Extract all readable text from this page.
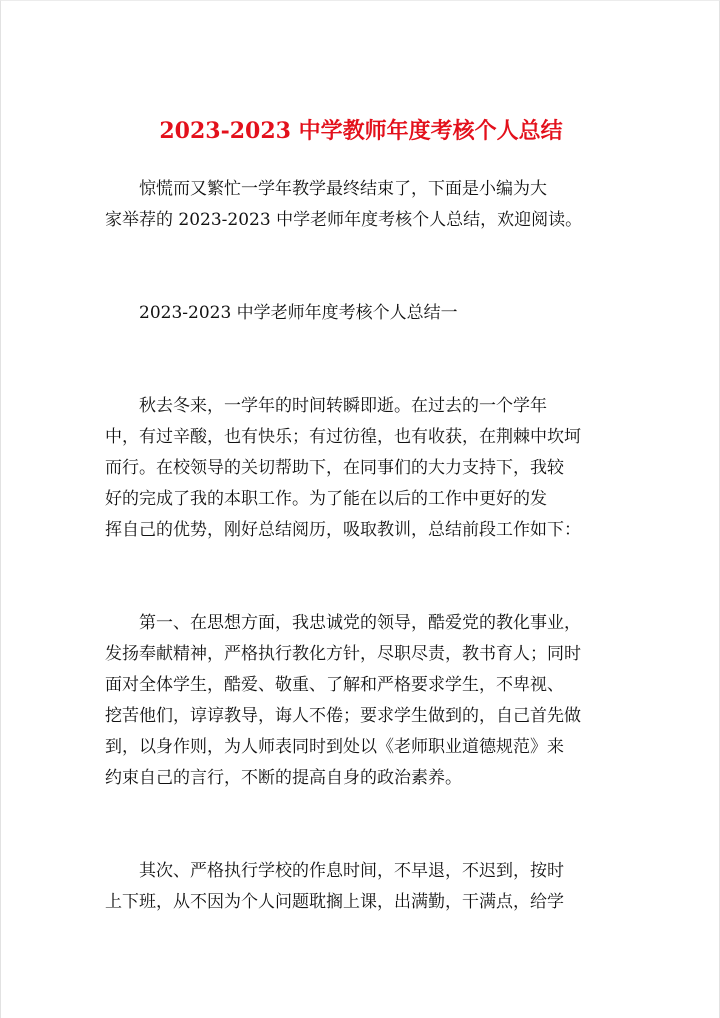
2023-2023 中学教师年度考核个人总结

惊慌而又繁忙一学年教学最终结束了，下面是小编为大
家举荐的 2023-2023 中学老师年度考核个人总结，欢迎阅读。

2023-2023 中学老师年度考核个人总结一

秋去冬来，一学年的时间转瞬即逝。在过去的一个学年
中，有过辛酸，也有快乐；有过彷徨，也有收获，在荆棘中坎坷
而行。在校领导的关切帮助下，在同事们的大力支持下，我较
好的完成了我的本职工作。为了能在以后的工作中更好的发
挥自己的优势，刚好总结阅历，吸取教训，总结前段工作如下：

第一、在思想方面，我忠诚党的领导，酷爱党的教化事业，
发扬奉献精神，严格执行教化方针，尽职尽责，教书育人；同时
面对全体学生，酷爱、敬重、了解和严格要求学生，不卑视、
挖苦他们，谆谆教导，诲人不倦；要求学生做到的，自己首先做
到，以身作则，为人师表同时到处以《老师职业道德规范》来
约束自己的言行，不断的提高自身的政治素养。

其次、严格执行学校的作息时间，不早退，不迟到，按时
上下班，从不因为个人问题耽搁上课，出满勤，干满点，给学
